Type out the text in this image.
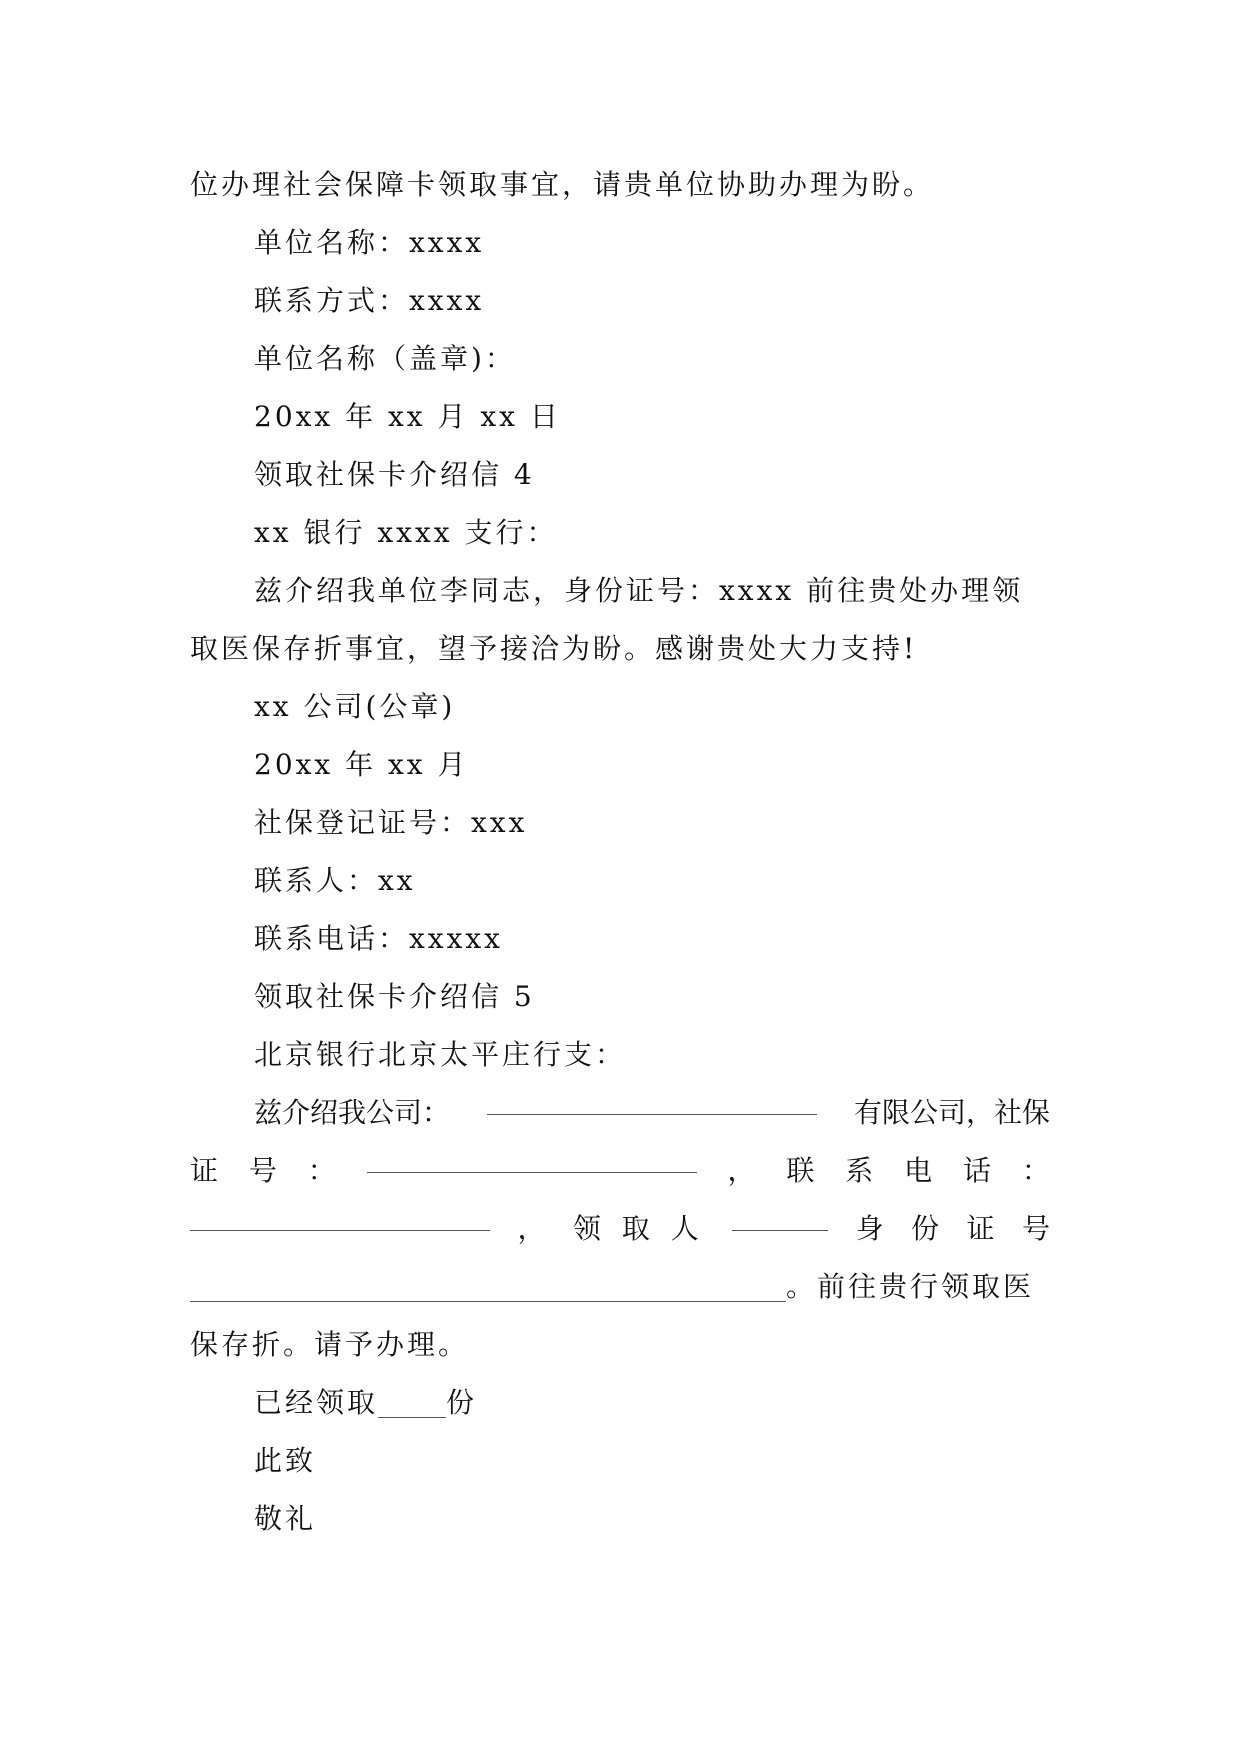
位办理社会保障卡领取事宜，请贵单位协助办理为盼。
单位名称：xxxx
联系方式：xxxx
单位名称（盖章)：
20xx 年 xx 月 xx 日
领取社保卡介绍信 4
xx 银行 xxxx 支行：
兹介绍我单位李同志，身份证号：xxxx 前往贵处办理领
取医保存折事宜，望予接洽为盼。感谢贵处大力支持!
xx 公司(公章)
20xx 年 xx 月
社保登记证号：xxx
联系人：xx
联系电话：xxxxx
领取社保卡介绍信 5
北京银行北京太平庄行支：
兹介绍我公司：	有限公司，社保
证 号 ：	， 联 系 电 话 ：
， 领 取 人	身 份 证 号
。前往贵行领取医
保存折。请予办理。
已经领取 份
此致
敬礼
